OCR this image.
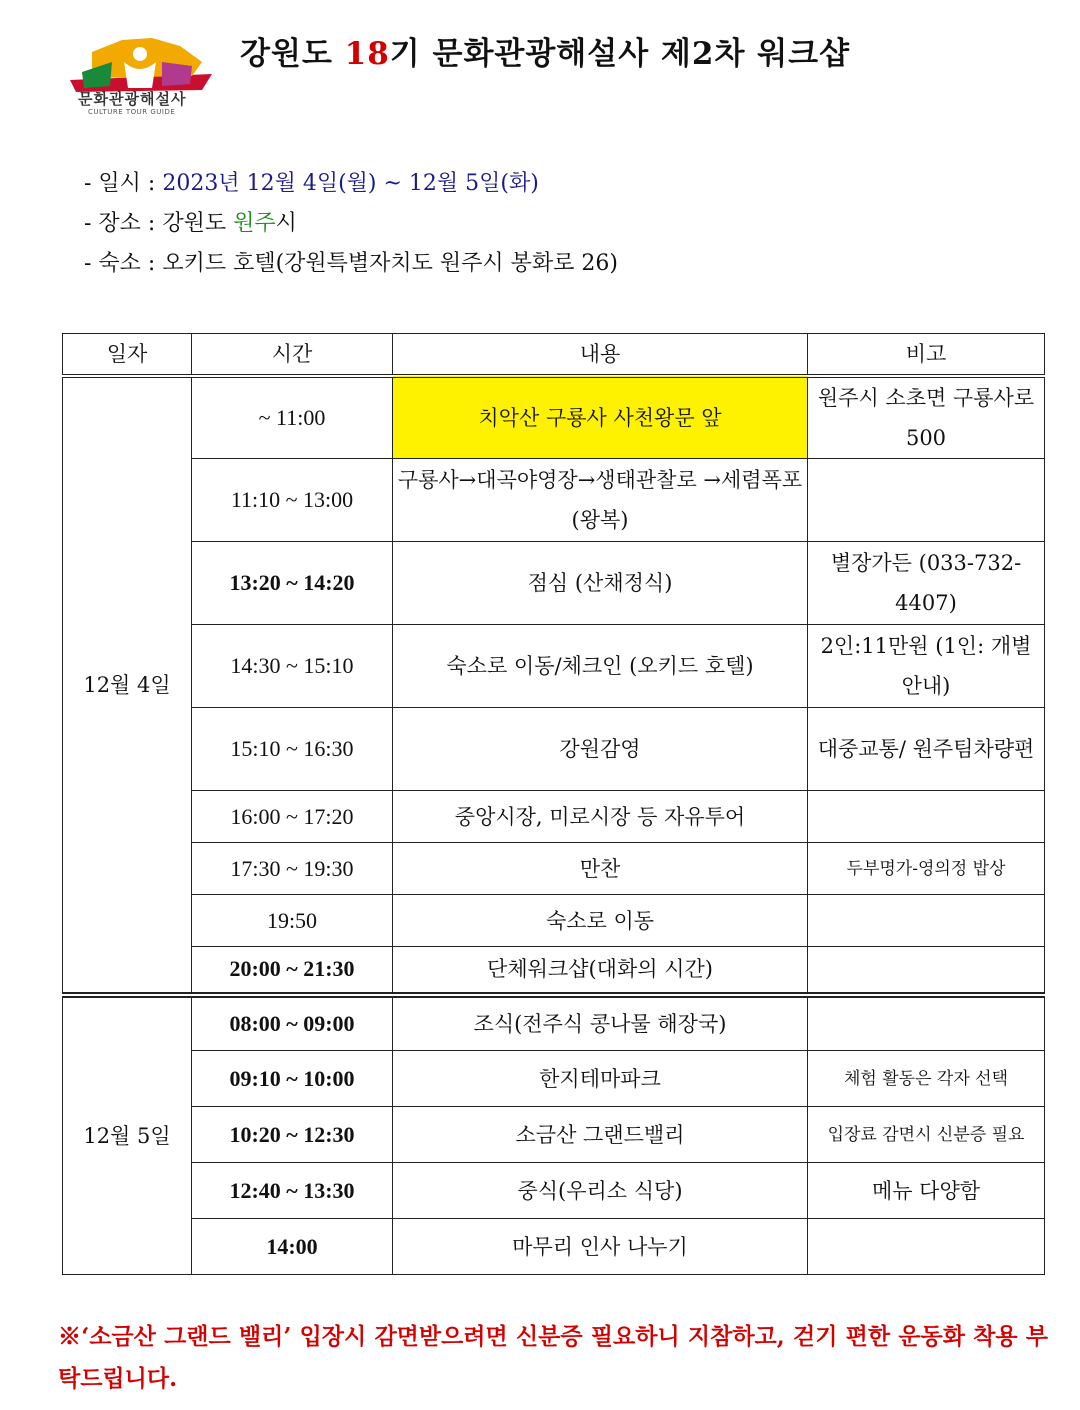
문화관광해설사
CULTURE TOUR GUIDE
강원도 18기 문화관광해설사 제2차 워크샵
- 일시 : 2023년 12월 4일(월) ~ 12월 5일(화)
- 장소 : 강원도 원주시
- 숙소 : 오키드 호텔(강원특별자치도 원주시 봉화로 26)
일자	시간	내용	비고
12월 4일	~ 11:00	치악산 구룡사 사천왕문 앞	원주시 소초면 구룡사로 500
	11:10 ~ 13:00	구룡사→대곡야영장→생태관찰로 →세렴폭포 (왕복)	
	13:20 ~ 14:20	점심 (산채정식)	별장가든 (033-732-4407)
	14:30 ~ 15:10	숙소로 이동/체크인 (오키드 호텔)	2인:11만원 (1인: 개별 안내)
	15:10 ~ 16:30	강원감영	대중교통/ 원주팀차량편
	16:00 ~ 17:20	중앙시장, 미로시장 등 자유투어	
	17:30 ~ 19:30	만찬	두부명가-영의정 밥상
	19:50	숙소로 이동	
	20:00 ~ 21:30	단체워크샵(대화의 시간)	
12월 5일	08:00 ~ 09:00	조식(전주식 콩나물 해장국)	
	09:10 ~ 10:00	한지테마파크	체험 활동은 각자 선택
	10:20 ~ 12:30	소금산 그랜드밸리	입장료 감면시 신분증 필요
	12:40 ~ 13:30	중식(우리소 식당)	메뉴 다양함
	14:00	마무리 인사 나누기	
※‘소금산 그랜드 밸리’ 입장시 감면받으려면 신분증 필요하니 지참하고, 걷기 편한 운동화 착용 부탁드립니다.
